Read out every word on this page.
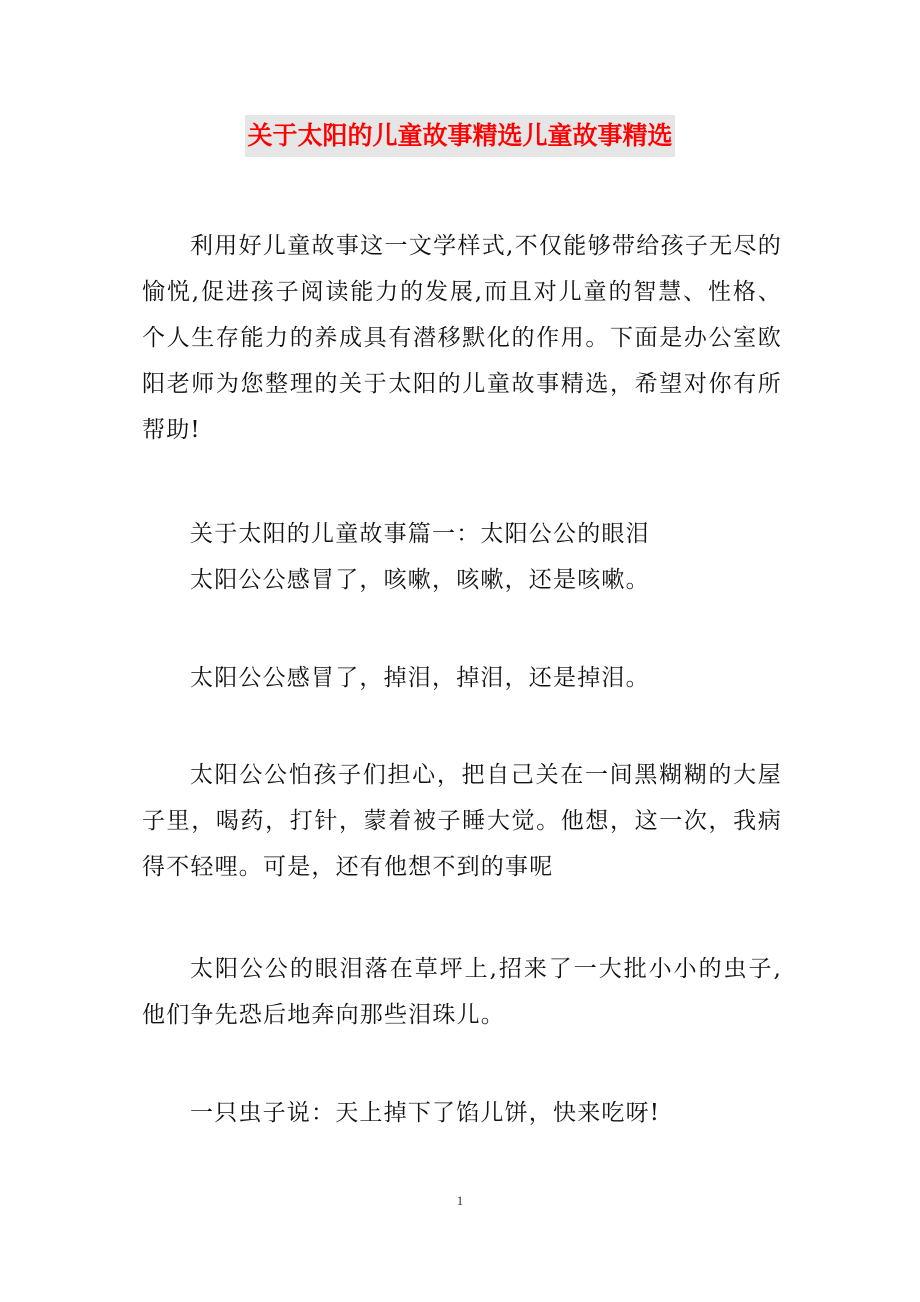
关于太阳的儿童故事精选儿童故事精选

利用好儿童故事这一文学样式,不仅能够带给孩子无尽的愉悦,促进孩子阅读能力的发展,而且对儿童的智慧、性格、个人生存能力的养成具有潜移默化的作用。下面是办公室欧阳老师为您整理的关于太阳的儿童故事精选，希望对你有所帮助!

关于太阳的儿童故事篇一：太阳公公的眼泪

太阳公公感冒了，咳嗽，咳嗽，还是咳嗽。

太阳公公感冒了，掉泪，掉泪，还是掉泪。

太阳公公怕孩子们担心，把自己关在一间黑糊糊的大屋子里，喝药，打针，蒙着被子睡大觉。他想，这一次，我病得不轻哩。可是，还有他想不到的事呢

太阳公公的眼泪落在草坪上,招来了一大批小小的虫子,他们争先恐后地奔向那些泪珠儿。

一只虫子说：天上掉下了馅儿饼，快来吃呀!

1
